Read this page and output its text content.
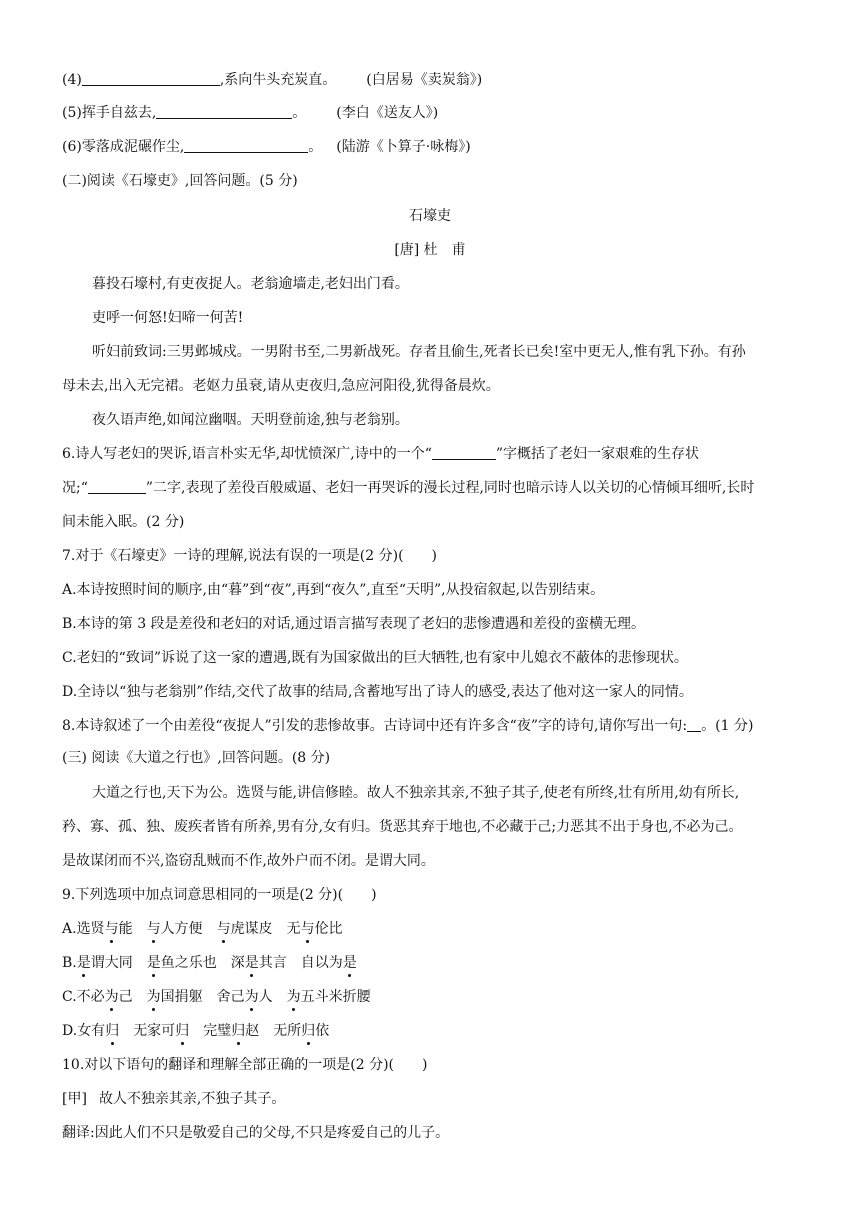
(4)	,系向牛头充炭直。 (白居易《卖炭翁》)
(5)挥手自兹去,	。 (李白《送友人》)
(6)零落成泥碾作尘,	。 (陆游《卜算子·咏梅》)
(二)阅读《石壕吏》,回答问题。(5 分)
石壕吏
[唐] 杜　甫
暮投石壕村,有吏夜捉人。老翁逾墙走,老妇出门看。
吏呼一何怒!妇啼一何苦!
听妇前致词:三男邺城戍。一男附书至,二男新战死。存者且偷生,死者长已矣!室中更无人,惟有乳下孙。有孙
母未去,出入无完裙。老妪力虽衰,请从吏夜归,急应河阳役,犹得备晨炊。
夜久语声绝,如闻泣幽咽。天明登前途,独与老翁别。
6.诗人写老妇的哭诉,语言朴实无华,却忧愤深广,诗中的一个“	”字概括了老妇一家艰难的生存状
况;“	”二字,表现了差役百般威逼、老妇一再哭诉的漫长过程,同时也暗示诗人以关切的心情倾耳细听,长时
间未能入眠。(2 分)
7.对于《石壕吏》一诗的理解,说法有误的一项是(2 分)(　　)
A.本诗按照时间的顺序,由“暮”到“夜”,再到“夜久”,直至“天明”,从投宿叙起,以告别结束。
B.本诗的第 3 段是差役和老妇的对话,通过语言描写表现了老妇的悲惨遭遇和差役的蛮横无理。
C.老妇的“致词”诉说了这一家的遭遇,既有为国家做出的巨大牺牲,也有家中儿媳衣不蔽体的悲惨现状。
D.全诗以“独与老翁别”作结,交代了故事的结局,含蓄地写出了诗人的感受,表达了他对这一家人的同情。
8.本诗叙述了一个由差役“夜捉人”引发的悲惨故事。古诗词中还有许多含“夜”字的诗句,请你写出一句: 。(1 分)
(三) 阅读《大道之行也》,回答问题。(8 分)
大道之行也,天下为公。选贤与能,讲信修睦。故人不独亲其亲,不独子其子,使老有所终,壮有所用,幼有所长,
矜、寡、孤、独、废疾者皆有所养,男有分,女有归。货恶其弃于地也,不必藏于己;力恶其不出于身也,不必为己。
是故谋闭而不兴,盗窃乱贼而不作,故外户而不闭。是谓大同。
9.下列选项中加点词意思相同的一项是(2 分)(　　)
A.选贤与能 与人方便 与虎谋皮 无与伦比
B.是谓大同 是鱼之乐也 深是其言 自以为是
C.不必为己 为国捐躯 舍己为人 为五斗米折腰
D.女有归 无家可归 完璧归赵 无所归依
10.对以下语句的翻译和理解全部正确的一项是(2 分)(　　)
[甲] 故人不独亲其亲,不独子其子。
翻译:因此人们不只是敬爱自己的父母,不只是疼爱自己的儿子。
